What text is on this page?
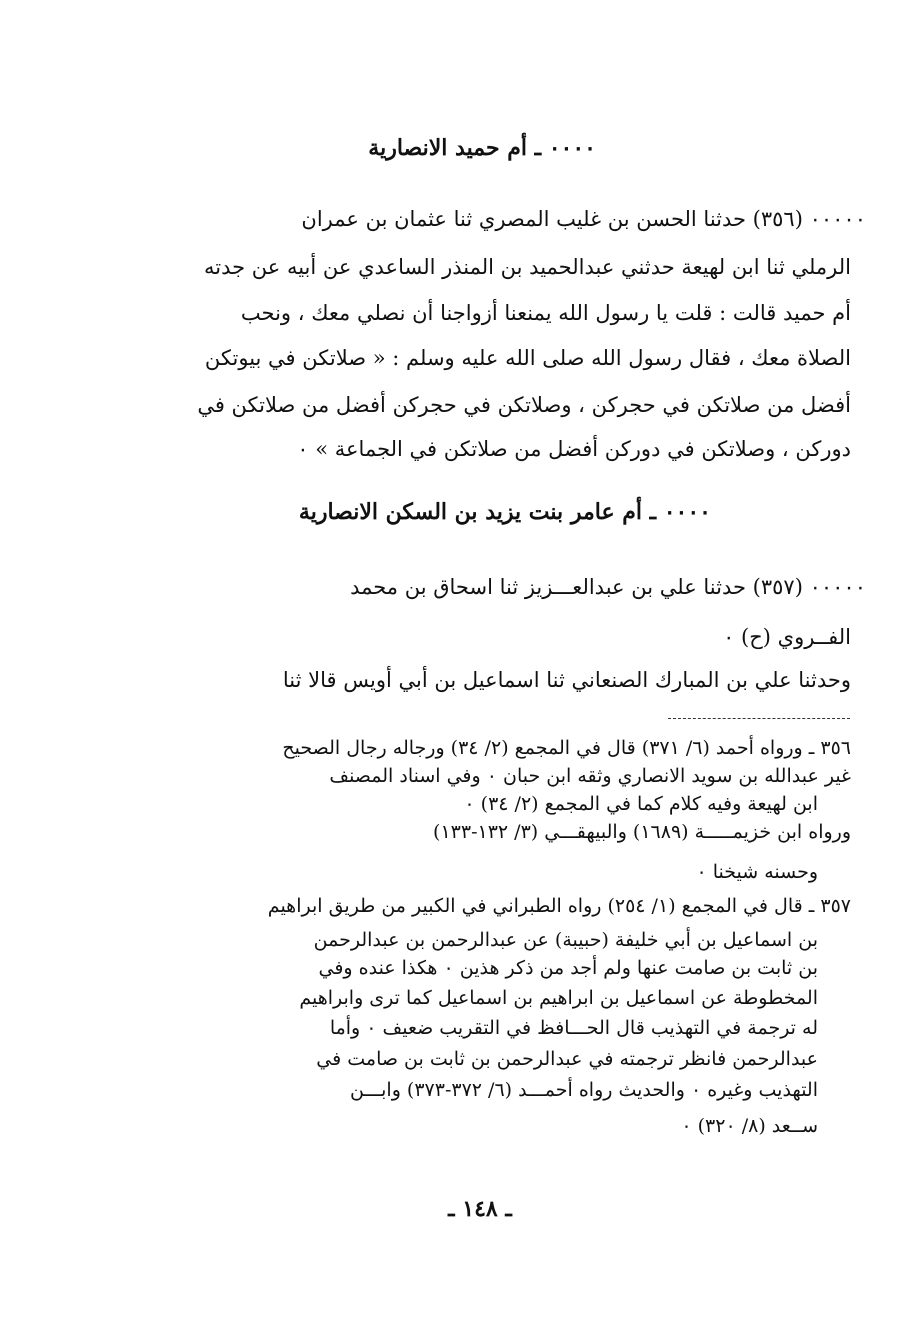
٠٠٠٠ ـ أم حميد الانصارية
٠٠٠٠٠ (٣٥٦) حدثنا الحسن بن غليب المصري ثنا عثمان بن عمران
الرملي ثنا ابن لهيعة حدثني عبدالحميد بن المنذر الساعدي عن أبيه عن جدته
أم حميد قالت : قلت يا رسول الله يمنعنا أزواجنا أن نصلي معك ، ونحب
الصلاة معك ، فقال رسول الله صلى الله عليه وسلم : « صلاتكن في بيوتكن
أفضل من صلاتكن في حجركن ، وصلاتكن في حجركن أفضل من صلاتكن في
دوركن ، وصلاتكن في دوركن أفضل من صلاتكن في الجماعة » ٠
٠٠٠٠ ـ أم عامر بنت يزيد بن السكن الانصارية
٠٠٠٠٠ (٣٥٧) حدثنا علي بن عبدالعـــزيز ثنا اسحاق بن محمد
الفــروي (ح) ٠
وحدثنا علي بن المبارك الصنعاني ثنا اسماعيل بن أبي أويس قالا ثنا
٣٥٦ ـ ورواه أحمد (٦/ ٣٧١) قال في المجمع (٢/ ٣٤) ورجاله رجال الصحيح
غير عبدالله بن سويد الانصاري وثقه ابن حبان ٠ وفي اسناد المصنف
ابن لهيعة وفيه كلام كما في المجمع (٢/ ٣٤) ٠
ورواه ابن خزيمـــــة (١٦٨٩) والبيهقـــي (٣/ ١٣٢-١٣٣)
وحسنه شيخنا ٠
٣٥٧ ـ قال في المجمع (١/ ٢٥٤) رواه الطبراني في الكبير من طريق ابراهيم
بن اسماعيل بن أبي خليفة (حبيبة) عن عبدالرحمن بن عبدالرحمن
بن ثابت بن صامت عنها ولم أجد من ذكر هذين ٠ هكذا عنده وفي
المخطوطة عن اسماعيل بن ابراهيم بن اسماعيل كما ترى وابراهيم
له ترجمة في التهذيب قال الحـــافظ في التقريب ضعيف ٠ وأما
عبدالرحمن فانظر ترجمته في عبدالرحمن بن ثابت بن صامت في
التهذيب وغيره ٠ والحديث رواه أحمـــد (٦/ ٣٧٢-٣٧٣) وابـــن
ســعد (٨/ ٣٢٠) ٠
ـ ١٤٨ ـ
